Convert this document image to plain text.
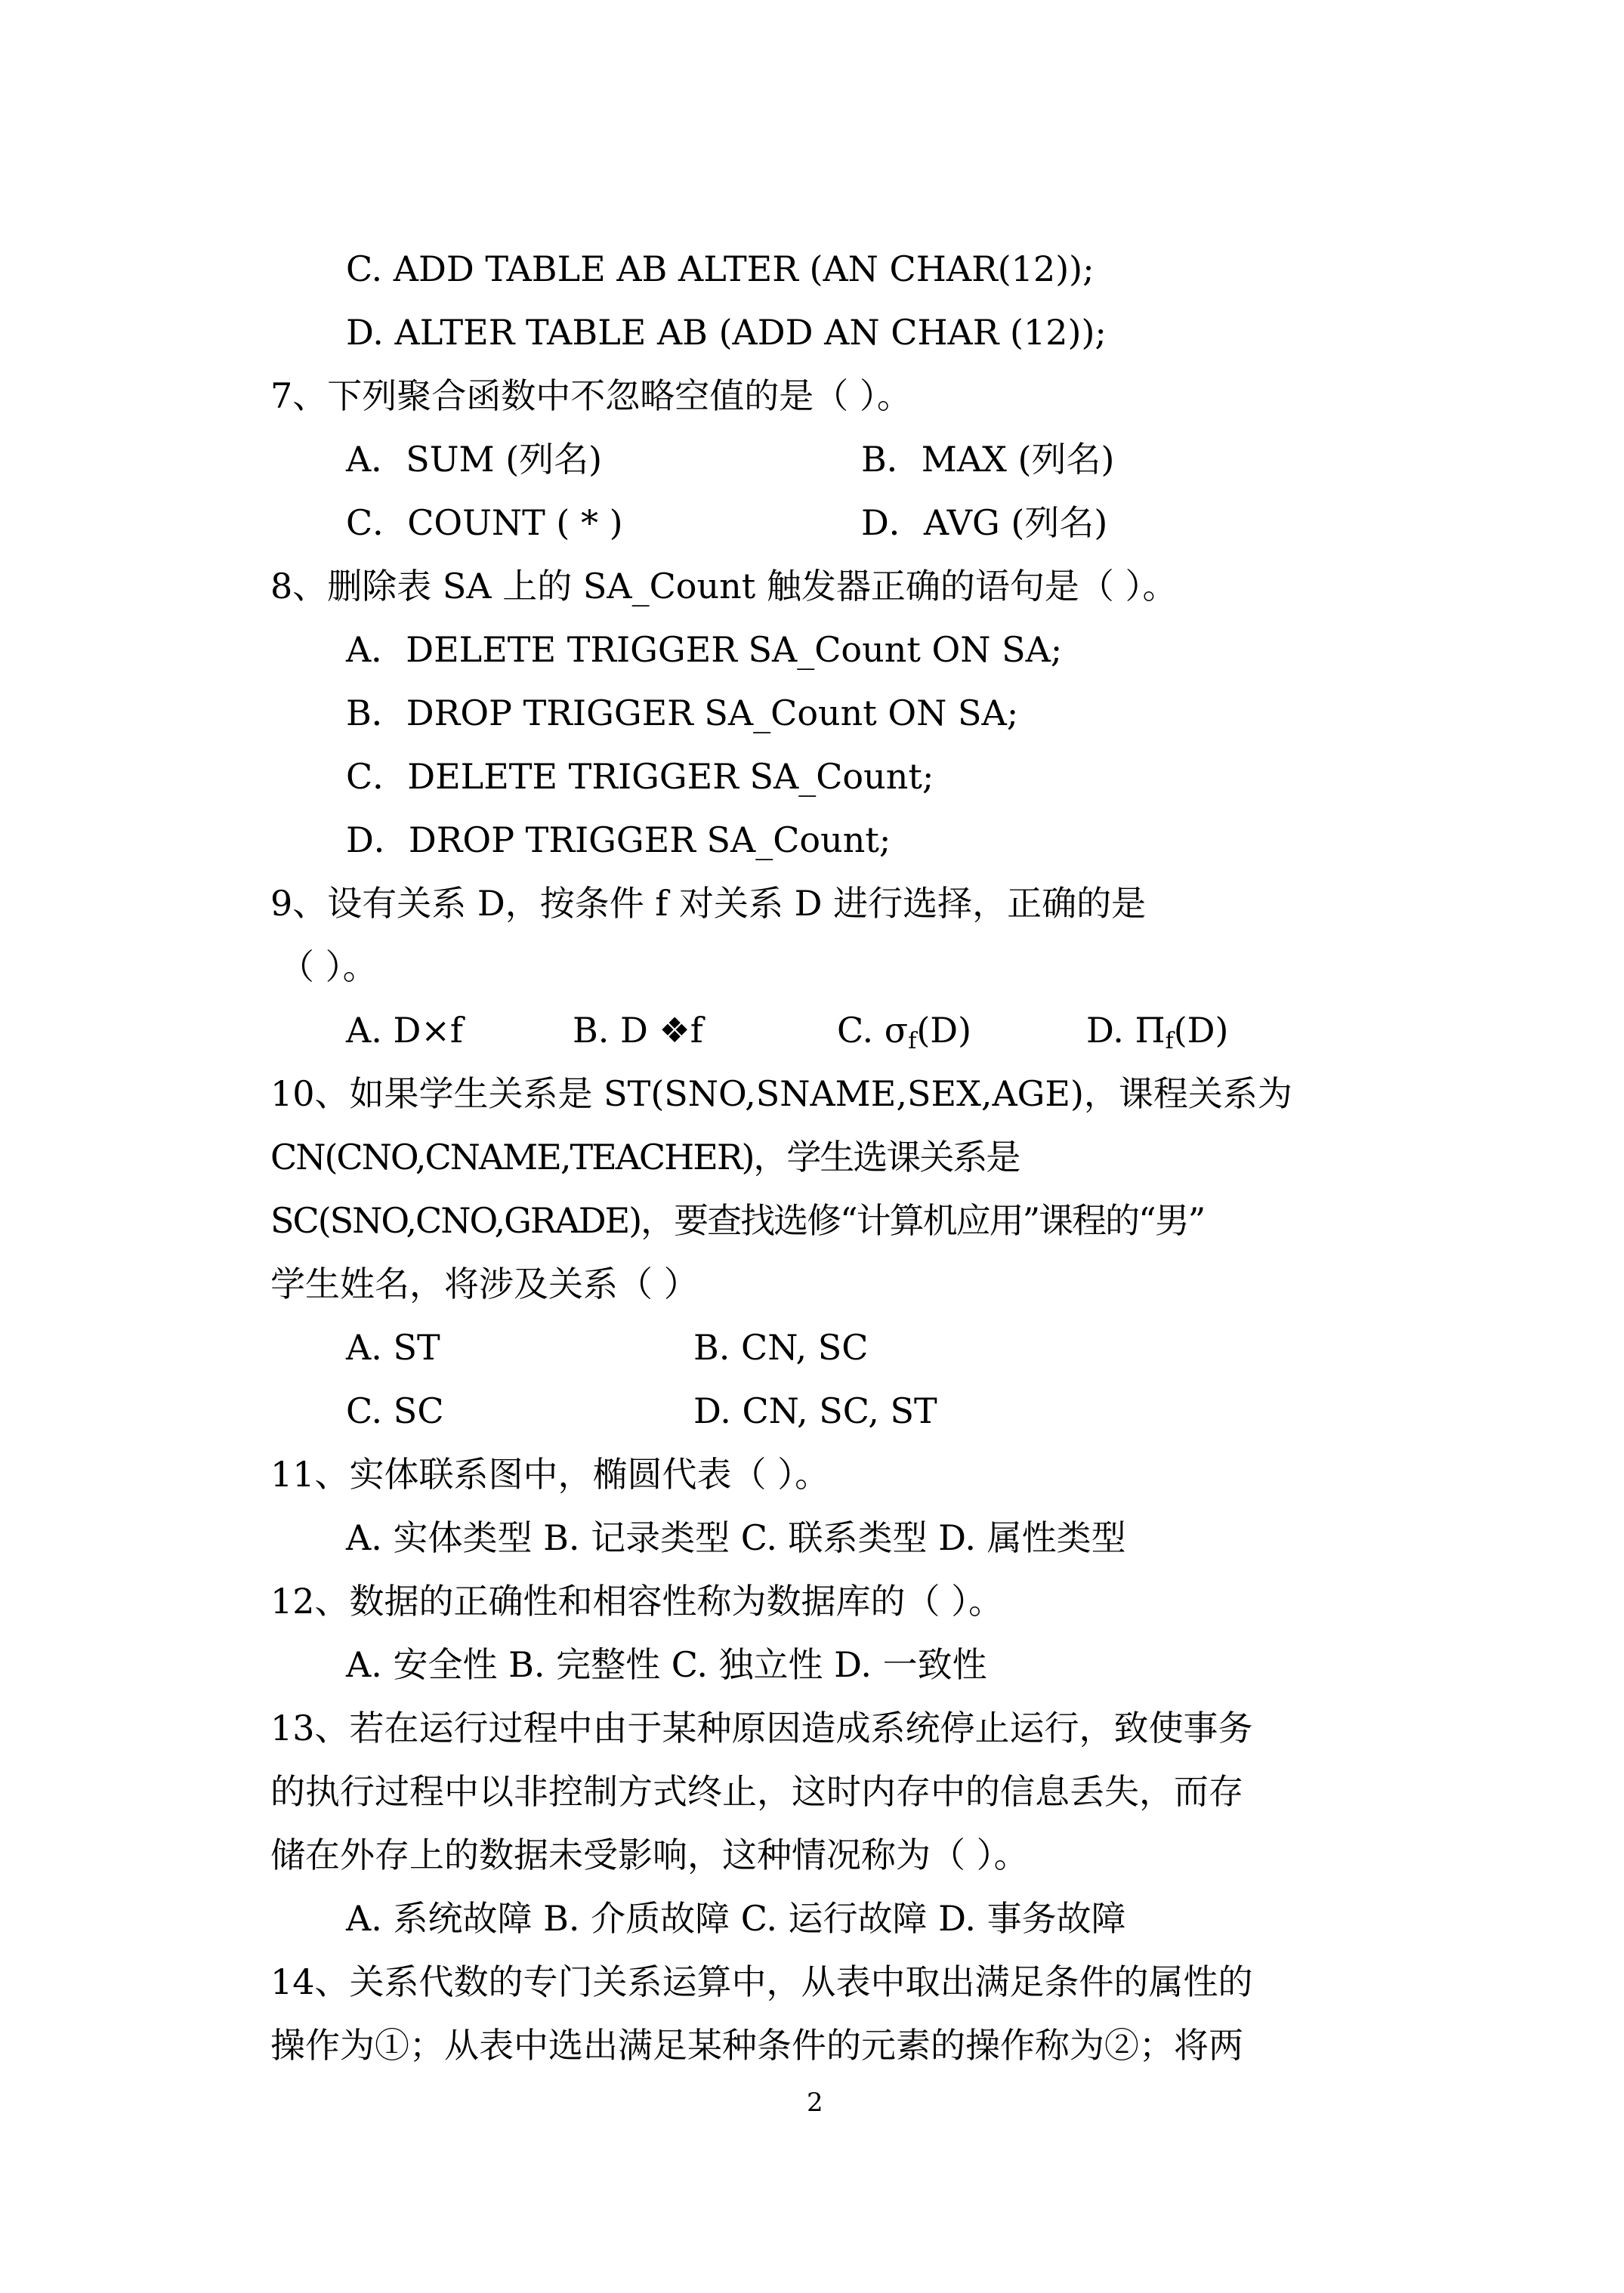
C. ADD TABLE AB ALTER (AN CHAR(12));
D. ALTER TABLE AB (ADD AN CHAR (12));
7、下列聚合函数中不忽略空值的是（ ）。
A．SUM (列名)	B．MAX (列名)
C．COUNT ( * )	D．AVG (列名)
8、删除表 SA 上的 SA_Count 触发器正确的语句是（ ）。
A．DELETE TRIGGER SA_Count ON SA;
B．DROP TRIGGER SA_Count ON SA;
C．DELETE TRIGGER SA_Count;
D．DROP TRIGGER SA_Count;
9、设有关系 D，按条件 f 对关系 D 进行选择，正确的是
（ ）。
A. D×f	B. D ❖f	C. $\sigma_f(D)$	D. $\Pi_f(D)$
10、如果学生关系是 ST(SNO,SNAME,SEX,AGE)，课程关系为
CN(CNO,CNAME,TEACHER)，学生选课关系是
SC(SNO,CNO,GRADE)，要查找选修“计算机应用”课程的“男”
学生姓名，将涉及关系（ ）
A. ST	B. CN, SC
C. SC	D. CN, SC, ST
11、实体联系图中，椭圆代表（ ）。
A. 实体类型 B. 记录类型 C. 联系类型 D. 属性类型
12、数据的正确性和相容性称为数据库的（ ）。
A. 安全性 B. 完整性 C. 独立性 D. 一致性
13、若在运行过程中由于某种原因造成系统停止运行，致使事务
的执行过程中以非控制方式终止，这时内存中的信息丢失，而存
储在外存上的数据未受影响，这种情况称为（ ）。
A. 系统故障 B. 介质故障 C. 运行故障 D. 事务故障
14、关系代数的专门关系运算中，从表中取出满足条件的属性的
操作为①；从表中选出满足某种条件的元素的操作称为②；将两
2
